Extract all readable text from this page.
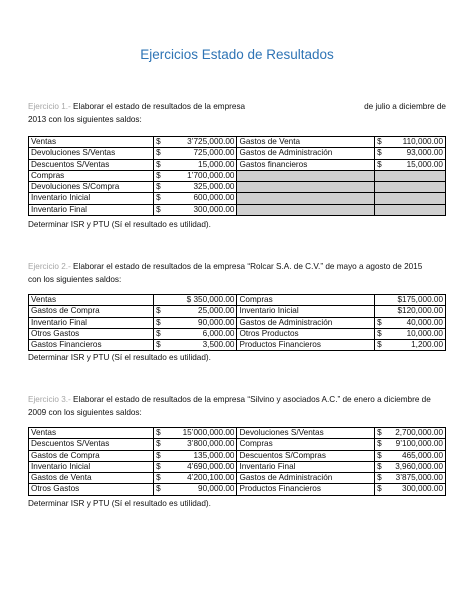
Ejercicios Estado de Resultados
Ejercicio 1.- Elaborar el estado de resultados de la empresa	de julio a diciembre de
2013 con los siguientes saldos:
Ventas	$ 3’725,000.00	Gastos de Venta	$ 110,000.00

Devoluciones S/Ventas	$ 725,000.00	Gastos de Administración	$ 93,000.00

Descuentos S/Ventas	$ 15,000.00	Gastos financieros	$ 15,000.00

Compras	$ 1’700,000.00		

Devoluciones S/Compra	$ 325,000.00		

Inventario Inicial	$ 600,000.00		

Inventario Final	$ 300,000.00		

Determinar ISR y PTU (Sí el resultado es utilidad).
Ejercicio 2.- Elaborar el estado de resultados de la empresa “Rolcar S.A. de C.V.” de mayo a agosto de 2015
con los siguientes saldos:
Ventas	$ 350,000.00	Compras	$175,000.00

Gastos de Compra	$ 25,000.00	Inventario Inicial	$120,000.00

Inventario Final	$ 90,000.00	Gastos de Administración	$ 40,000.00

Otros Gastos	$ 6,000.00	Otros Productos	$ 10,000.00

Gastos Financieros	$ 3,500.00	Productos Financieros	$ 1,200.00
Determinar ISR y PTU (Sí el resultado es utilidad).
Ejercicio 3.- Elaborar el estado de resultados de la empresa “Silvino y asociados A.C.” de enero a diciembre de
2009 con los siguientes saldos:
Ventas	$ 15’000,000.00	Devoluciones S/Ventas	$ 2,700,000.00

Descuentos S/Ventas	$ 3’800,000.00	Compras	$ 9’100,000.00

Gastos de Compra	$ 135,000.00	Descuentos S/Compras	$ 465,000.00

Inventario Inicial	$ 4’690,000.00	Inventario Final	$ 3,960,000.00

Gastos de Venta	$ 4’200,100.00	Gastos de Administración	$ 3’875,000.00

Otros Gastos	$ 90,000.00	Productos Financieros	$ 300,000.00
Determinar ISR y PTU (Sí el resultado es utilidad).
